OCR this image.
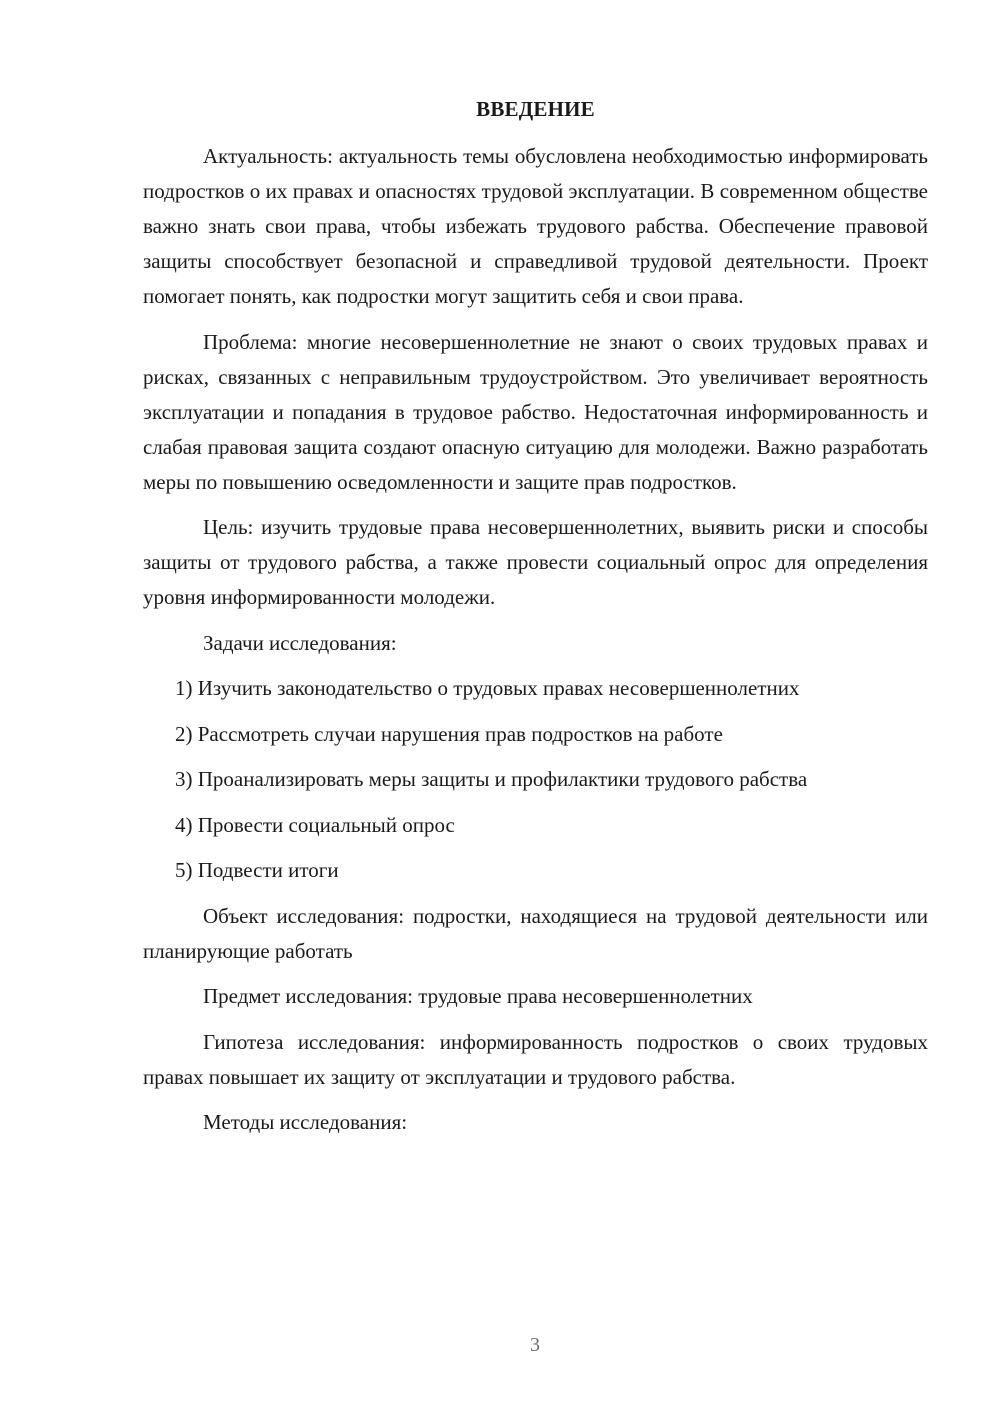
ВВЕДЕНИЕ

Актуальность: актуальность темы обусловлена необходимостью информировать подростков о их правах и опасностях трудовой эксплуатации. В современном обществе важно знать свои права, чтобы избежать трудового рабства. Обеспечение правовой защиты способствует безопасной и справедливой трудовой деятельности. Проект помогает понять, как подростки могут защитить себя и свои права.

Проблема: многие несовершеннолетние не знают о своих трудовых правах и рисках, связанных с неправильным трудоустройством. Это увеличивает вероятность эксплуатации и попадания в трудовое рабство. Недостаточная информированность и слабая правовая защита создают опасную ситуацию для молодежи. Важно разработать меры по повышению осведомленности и защите прав подростков.

Цель: изучить трудовые права несовершеннолетних, выявить риски и способы защиты от трудового рабства, а также провести социальный опрос для определения уровня информированности молодежи.

Задачи исследования:

1) Изучить законодательство о трудовых правах несовершеннолетних

2) Рассмотреть случаи нарушения прав подростков на работе

3) Проанализировать меры защиты и профилактики трудового рабства

4) Провести социальный опрос

5) Подвести итоги

Объект исследования: подростки, находящиеся на трудовой деятельности или планирующие работать

Предмет исследования: трудовые права несовершеннолетних

Гипотеза исследования: информированность подростков о своих трудовых правах повышает их защиту от эксплуатации и трудового рабства.

Методы исследования:

3
